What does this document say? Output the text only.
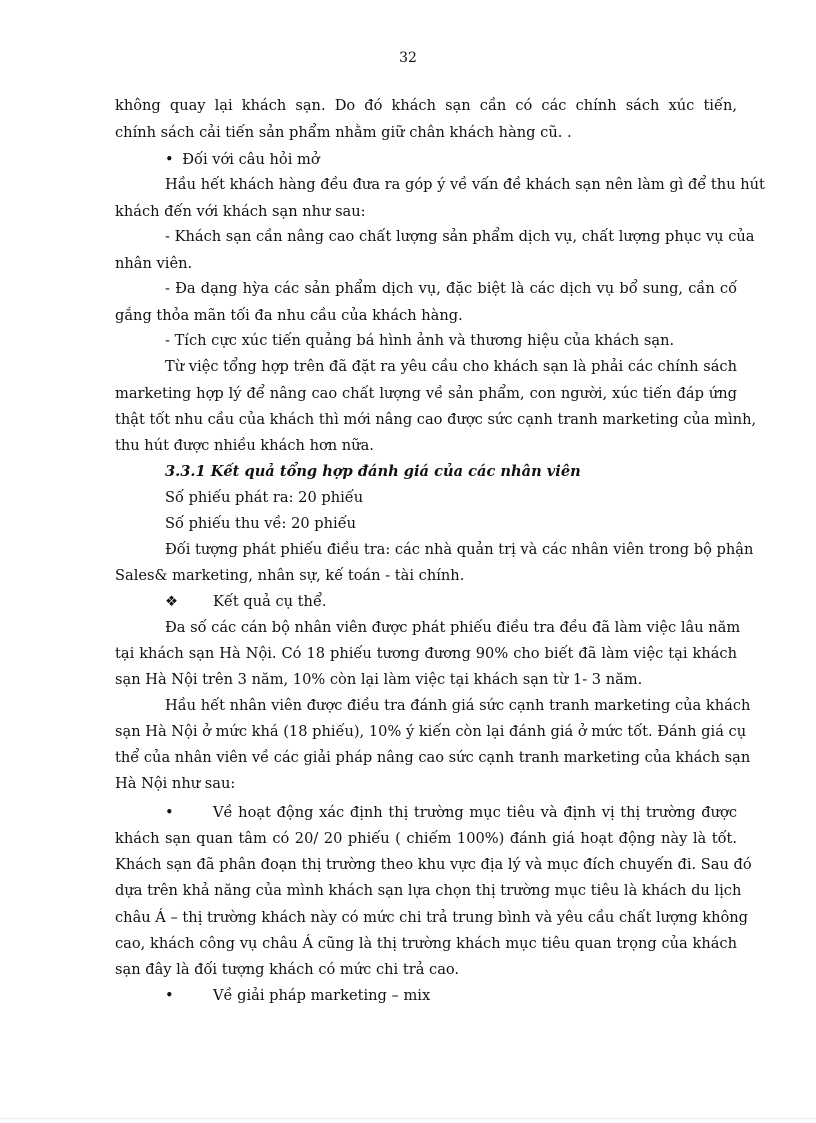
32
không quay lại khách sạn. Do đó khách sạn cần có các chính sách xúc tiến,
chính sách cải tiến sản phẩm nhằm giữ chân khách hàng cũ. .
• Đối với câu hỏi mở
Hầu hết khách hàng đều đưa ra góp ý về vấn đề khách sạn nên làm gì để thu hút
khách đến với khách sạn như sau:
- Khách sạn cần nâng cao chất lượng sản phẩm dịch vụ, chất lượng phục vụ của
nhân viên.
- Đa dạng hỳa các sản phẩm dịch vụ, đặc biệt là các dịch vụ bổ sung, cần cố
gắng thỏa mãn tối đa nhu cầu của khách hàng.
- Tích cực xúc tiến quảng bá hình ảnh và thương hiệu của khách sạn.
Từ việc tổng hợp trên đã đặt ra yêu cầu cho khách sạn là phải các chính sách
marketing hợp lý để nâng cao chất lượng về sản phẩm, con người, xúc tiến đáp ứng
thật tốt nhu cầu của khách thì mới nâng cao được sức cạnh tranh marketing của mình,
thu hút được nhiều khách hơn nữa.
3.3.1 Kết quả tổng hợp đánh giá của các nhân viên
Số phiếu phát ra: 20 phiếu
Số phiếu thu về: 20 phiếu
Đối tượng phát phiếu điều tra: các nhà quản trị và các nhân viên trong bộ phận
Sales& marketing, nhân sự, kế toán - tài chính.
❖	Kết quả cụ thể.
Đa số các cán bộ nhân viên được phát phiếu điều tra đều đã làm việc lâu năm
tại khách sạn Hà Nội. Có 18 phiếu tương đương 90% cho biết đã làm việc tại khách
sạn Hà Nội trên 3 năm, 10% còn lại làm việc tại khách sạn từ 1- 3 năm.
Hầu hết nhân viên được điều tra đánh giá sức cạnh tranh marketing của khách
sạn Hà Nội ở mức khá (18 phiếu), 10% ý kiến còn lại đánh giá ở mức tốt. Đánh giá cụ
thể của nhân viên về các giải pháp nâng cao sức cạnh tranh marketing của khách sạn
Hà Nội như sau:
•	Về hoạt động xác định thị trường mục tiêu và định vị thị trường được
khách sạn quan tâm có 20/ 20 phiếu ( chiếm 100%) đánh giá hoạt động này là tốt.
Khách sạn đã phân đoạn thị trường theo khu vực địa lý và mục đích chuyến đi. Sau đó
dựa trên khả năng của mình khách sạn lựa chọn thị trường mục tiêu là khách du lịch
châu Á – thị trường khách này có mức chi trả trung bình và yêu cầu chất lượng không
cao, khách công vụ châu Á cũng là thị trường khách mục tiêu quan trọng của khách
sạn đây là đối tượng khách có mức chi trả cao.
•	Về giải pháp marketing – mix
